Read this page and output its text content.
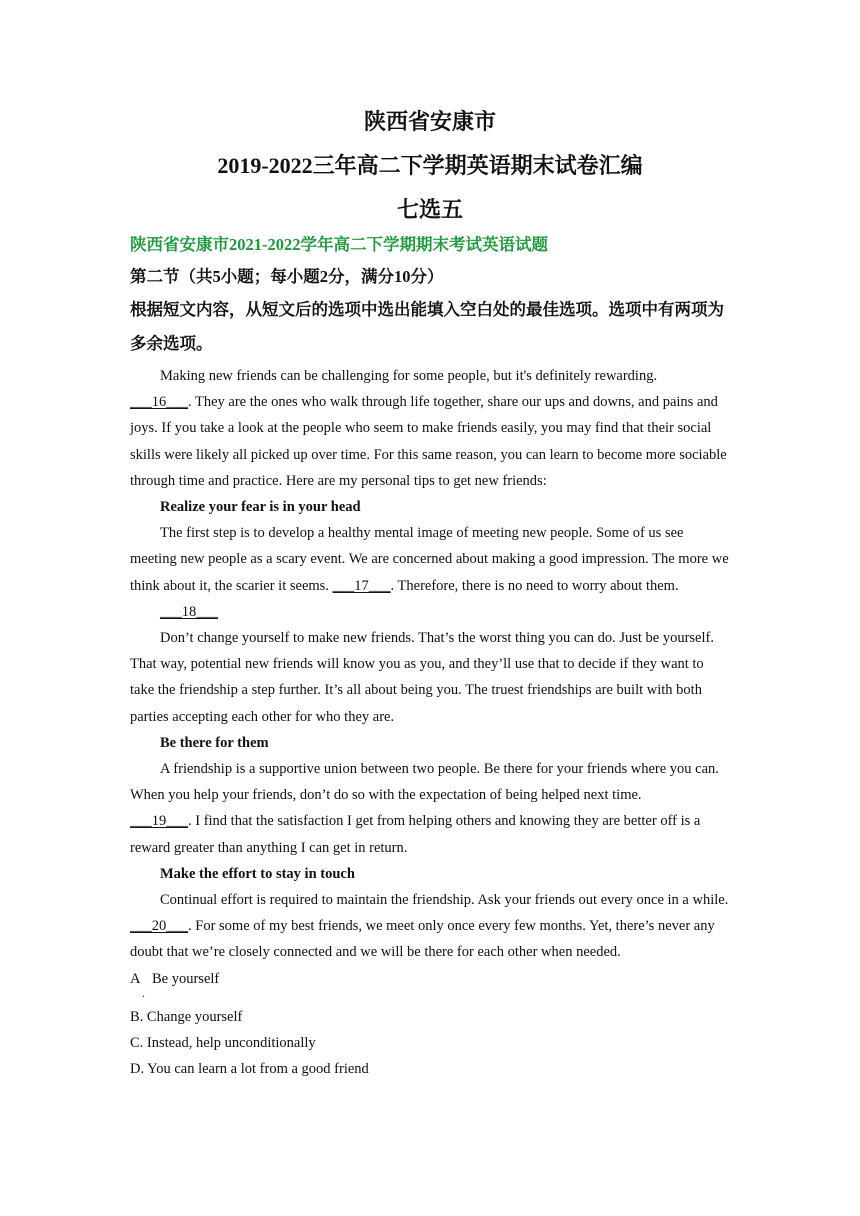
陕西省安康市
2019-2022三年高二下学期英语期末试卷汇编
七选五
陕西省安康市2021-2022学年高二下学期期末考试英语试题
第二节（共5小题；每小题2分，满分10分）
根据短文内容，从短文后的选项中选出能填入空白处的最佳选项。选项中有两项为多余选项。

Making new friends can be challenging for some people, but it's definitely rewarding.
___16___. They are the ones who walk through life together, share our ups and downs, and pains and joys. If you take a look at the people who seem to make friends easily, you may find that their social skills were likely all picked up over time. For this same reason, you can learn to become more sociable through time and practice. Here are my personal tips to get new friends:

Realize your fear is in your head

The first step is to develop a healthy mental image of meeting new people. Some of us see meeting new people as a scary event. We are concerned about making a good impression. The more we think about it, the scarier it seems. ___17___. Therefore, there is no need to worry about them.

___18___

Don’t change yourself to make new friends. That’s the worst thing you can do. Just be yourself. That way, potential new friends will know you as you, and they’ll use that to decide if they want to take the friendship a step further. It’s all about being you. The truest friendships are built with both parties accepting each other for who they are.

Be there for them

A friendship is a supportive union between two people. Be there for your friends where you can. When you help your friends, don’t do so with the expectation of being helped next time.
___19___. I find that the satisfaction I get from helping others and knowing they are better off is a reward greater than anything I can get in return.

Make the effort to stay in touch

Continual effort is required to maintain the friendship. Ask your friends out every once in a while. ___20___. For some of my best friends, we meet only once every few months. Yet, there’s never any doubt that we’re closely connected and we will be there for each other when needed.

A
.
Be yourself

B. Change yourself

C. Instead, help unconditionally

D. You can learn a lot from a good friend
